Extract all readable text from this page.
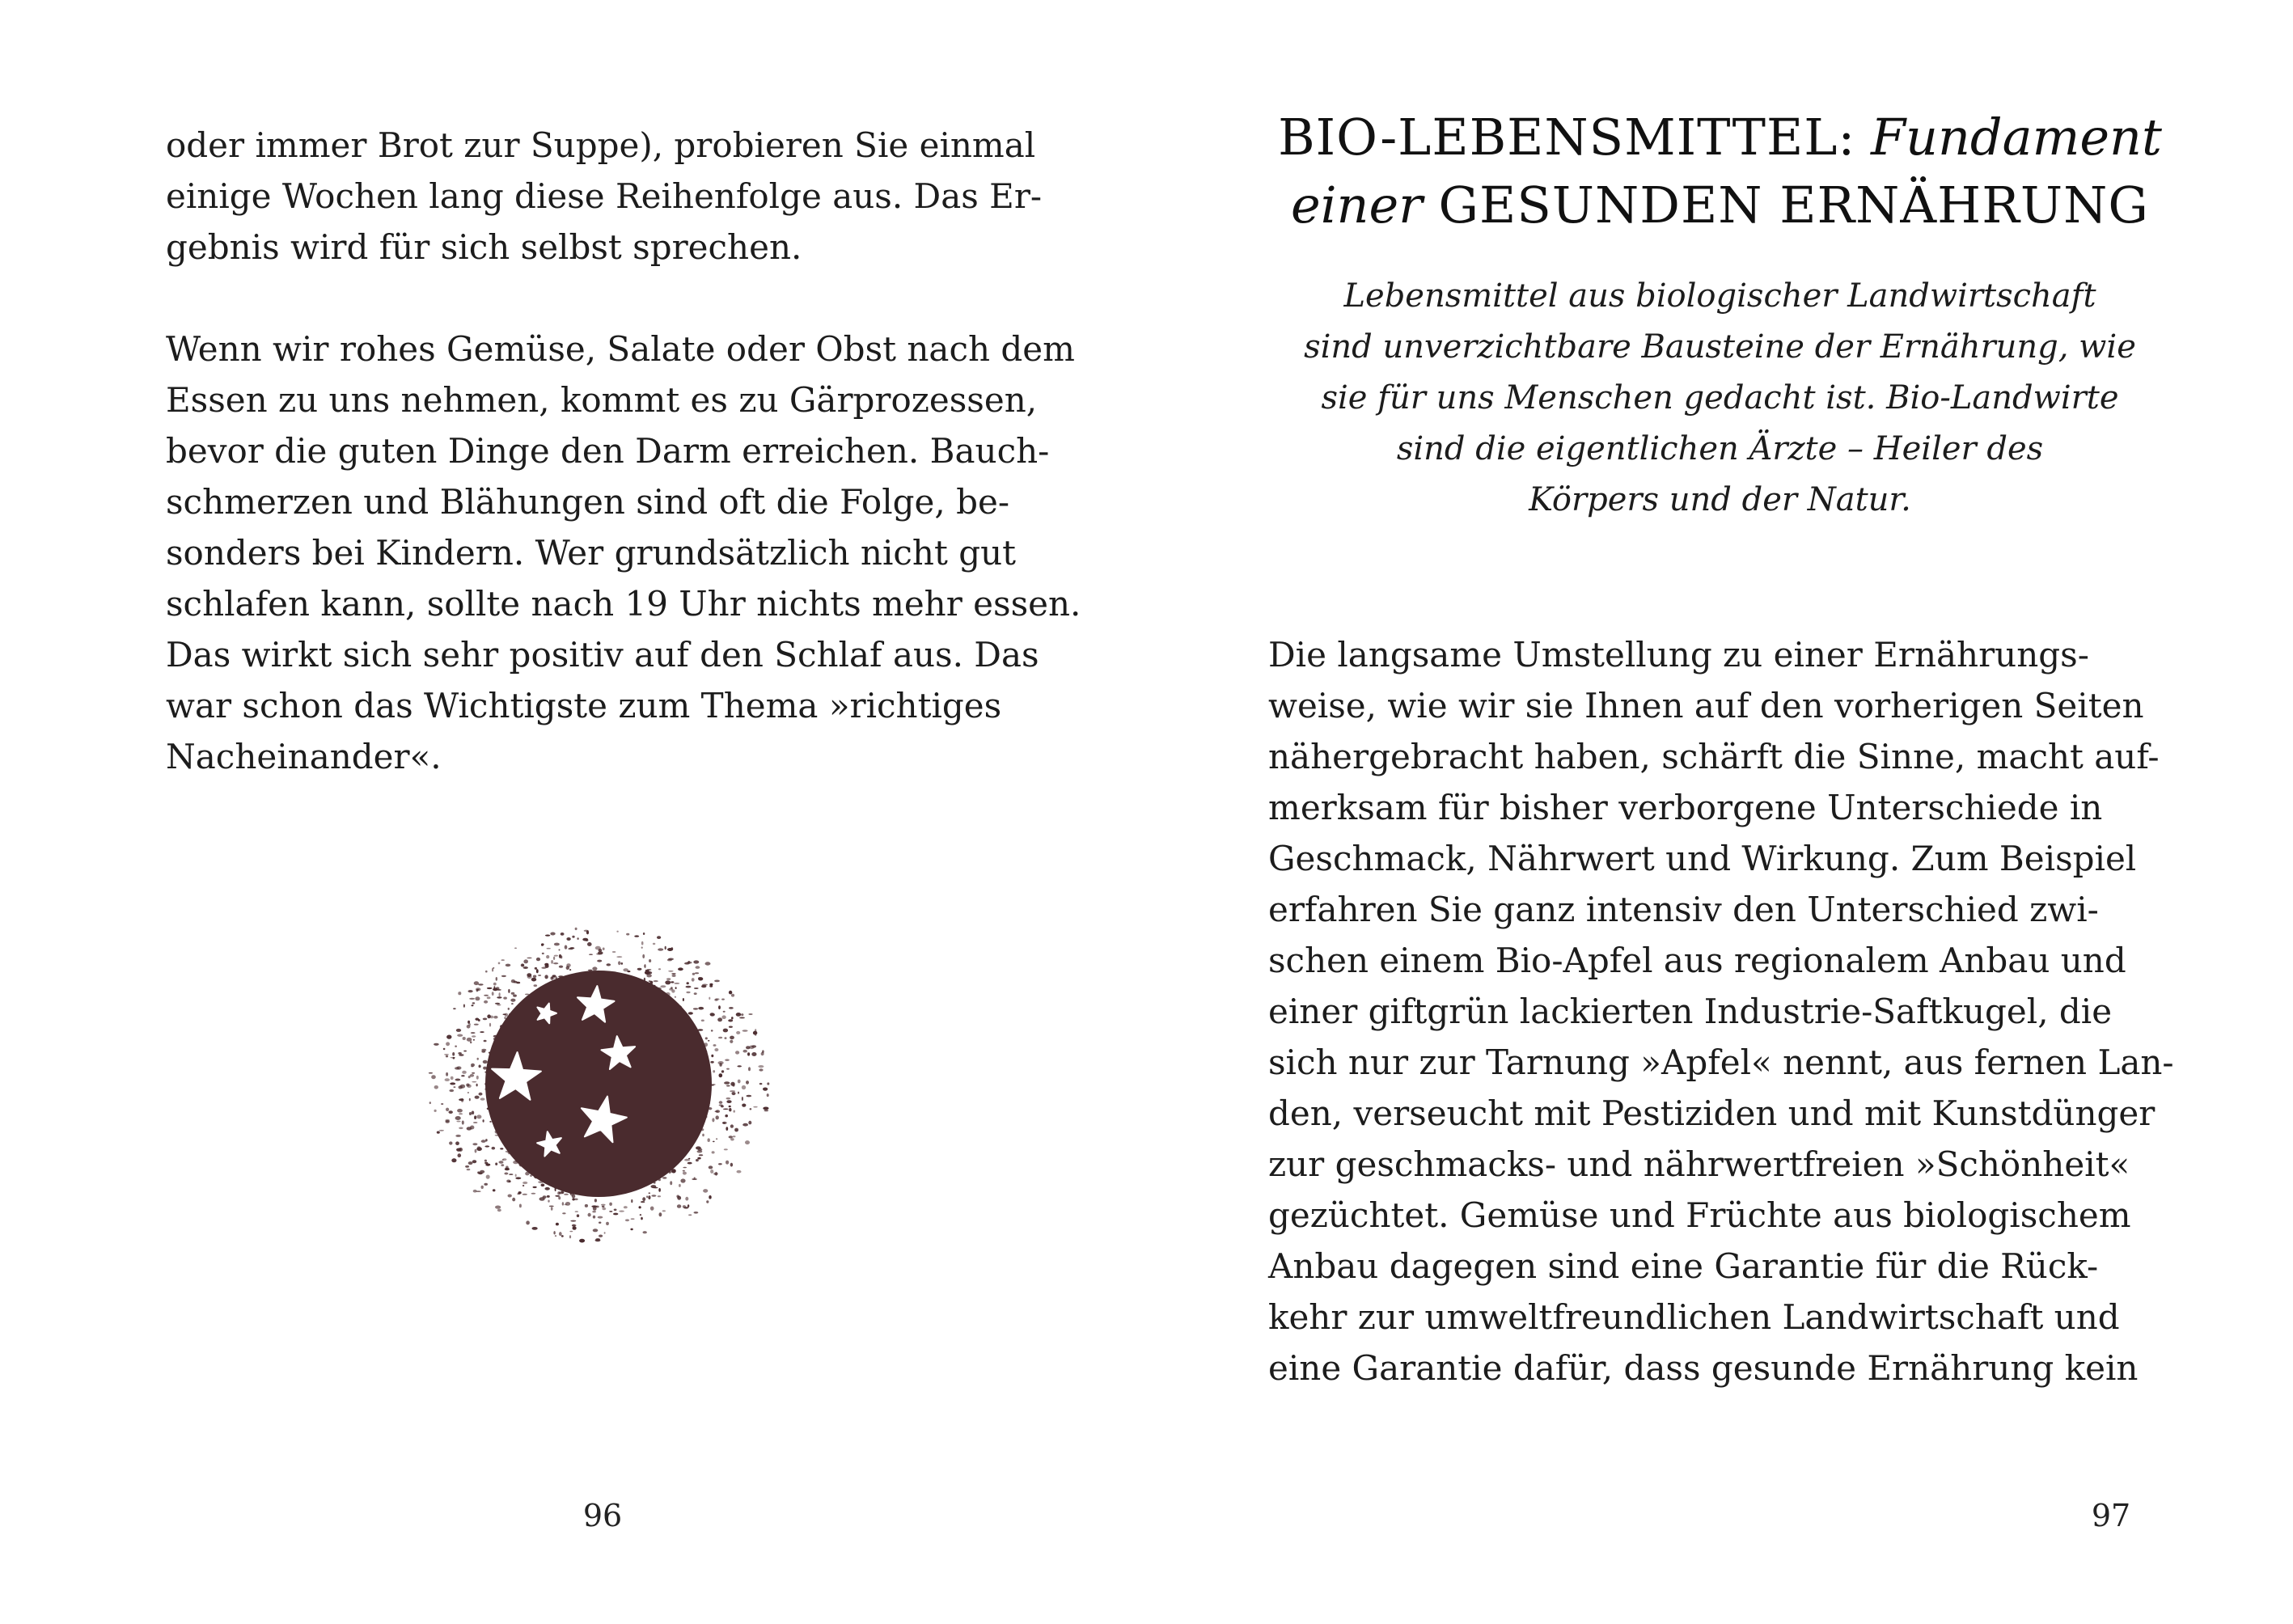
oder immer Brot zur Suppe), probieren Sie einmal
einige Wochen lang diese Reihenfolge aus. Das Er-
gebnis wird für sich selbst sprechen.
Wenn wir rohes Gemüse, Salate oder Obst nach dem
Essen zu uns nehmen, kommt es zu Gärprozessen,
bevor die guten Dinge den Darm erreichen. Bauch-
schmerzen und Blähungen sind oft die Folge, be-
sonders bei Kindern. Wer grundsätzlich nicht gut
schlafen kann, sollte nach 19 Uhr nichts mehr essen.
Das wirkt sich sehr positiv auf den Schlaf aus. Das
war schon das Wichtigste zum Thema »richtiges
Nacheinander«.
96
BIO-LEBENSMITTEL: Fundament
einer GESUNDEN ERNÄHRUNG
Lebensmittel aus biologischer Landwirtschaft
sind unverzichtbare Bausteine der Ernährung, wie
sie für uns Menschen gedacht ist. Bio-Landwirte
sind die eigentlichen Ärzte – Heiler des
Körpers und der Natur.
Die langsame Umstellung zu einer Ernährungs-
weise, wie wir sie Ihnen auf den vorherigen Seiten
nähergebracht haben, schärft die Sinne, macht auf-
merksam für bisher verborgene Unterschiede in
Geschmack, Nährwert und Wirkung. Zum Beispiel
erfahren Sie ganz intensiv den Unterschied zwi-
schen einem Bio-Apfel aus regionalem Anbau und
einer giftgrün lackierten Industrie-Saftkugel, die
sich nur zur Tarnung »Apfel« nennt, aus fernen Lan-
den, verseucht mit Pestiziden und mit Kunstdünger
zur geschmacks- und nährwertfreien »Schönheit«
gezüchtet. Gemüse und Früchte aus biologischem
Anbau dagegen sind eine Garantie für die Rück-
kehr zur umweltfreundlichen Landwirtschaft und
eine Garantie dafür, dass gesunde Ernährung kein
97
